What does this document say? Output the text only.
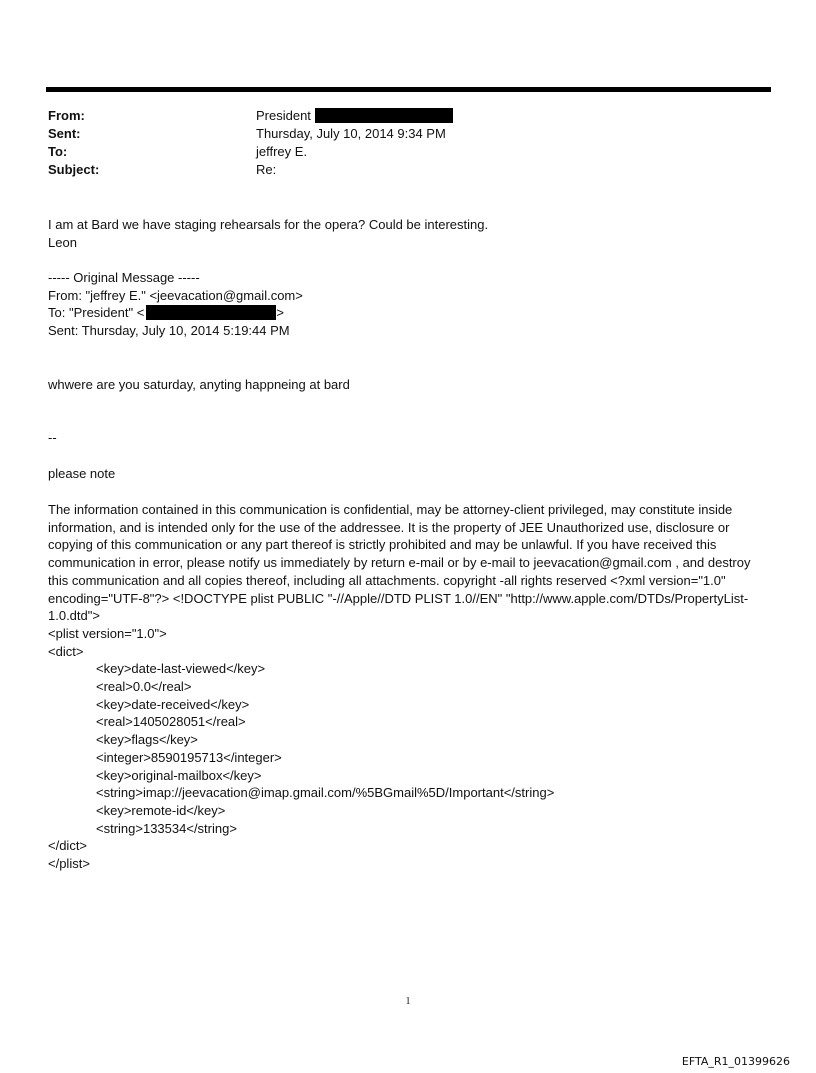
From:	President
Sent:	Thursday, July 10, 2014 9:34 PM
To:	jeffrey E.
Subject:	Re:

I am at Bard we have staging rehearsals for the opera? Could be interesting.

Leon

----- Original Message -----

From: "jeffrey E." <jeevacation@gmail.com>

To: "President" <	>

Sent: Thursday, July 10, 2014 5:19:44 PM

whwere are you saturday, anyting happneing at bard

--

please note

The information contained in this communication is confidential, may be attorney-client privileged, may constitute inside information, and is intended only for the use of the addressee. It is the property of JEE Unauthorized use, disclosure or copying of this communication or any part thereof is strictly prohibited and may be unlawful. If you have received this communication in error, please notify us immediately by return e-mail or by e-mail to jeevacation@gmail.com , and destroy this communication and all copies thereof, including all attachments. copyright -all rights reserved <?xml version="1.0" encoding="UTF-8"?> <!DOCTYPE plist PUBLIC "-//Apple//DTD PLIST 1.0//EN" "http://www.apple.com/DTDs/PropertyList-1.0.dtd">

<plist version="1.0">

<dict>

<key>date-last-viewed</key>

<real>0.0</real>

<key>date-received</key>

<real>1405028051</real>

<key>flags</key>

<integer>8590195713</integer>

<key>original-mailbox</key>

<string>imap://jeevacation@imap.gmail.com/%5BGmail%5D/Important</string>

<key>remote-id</key>

<string>133534</string>

</dict>

</plist>

1
EFTA_R1_01399626
